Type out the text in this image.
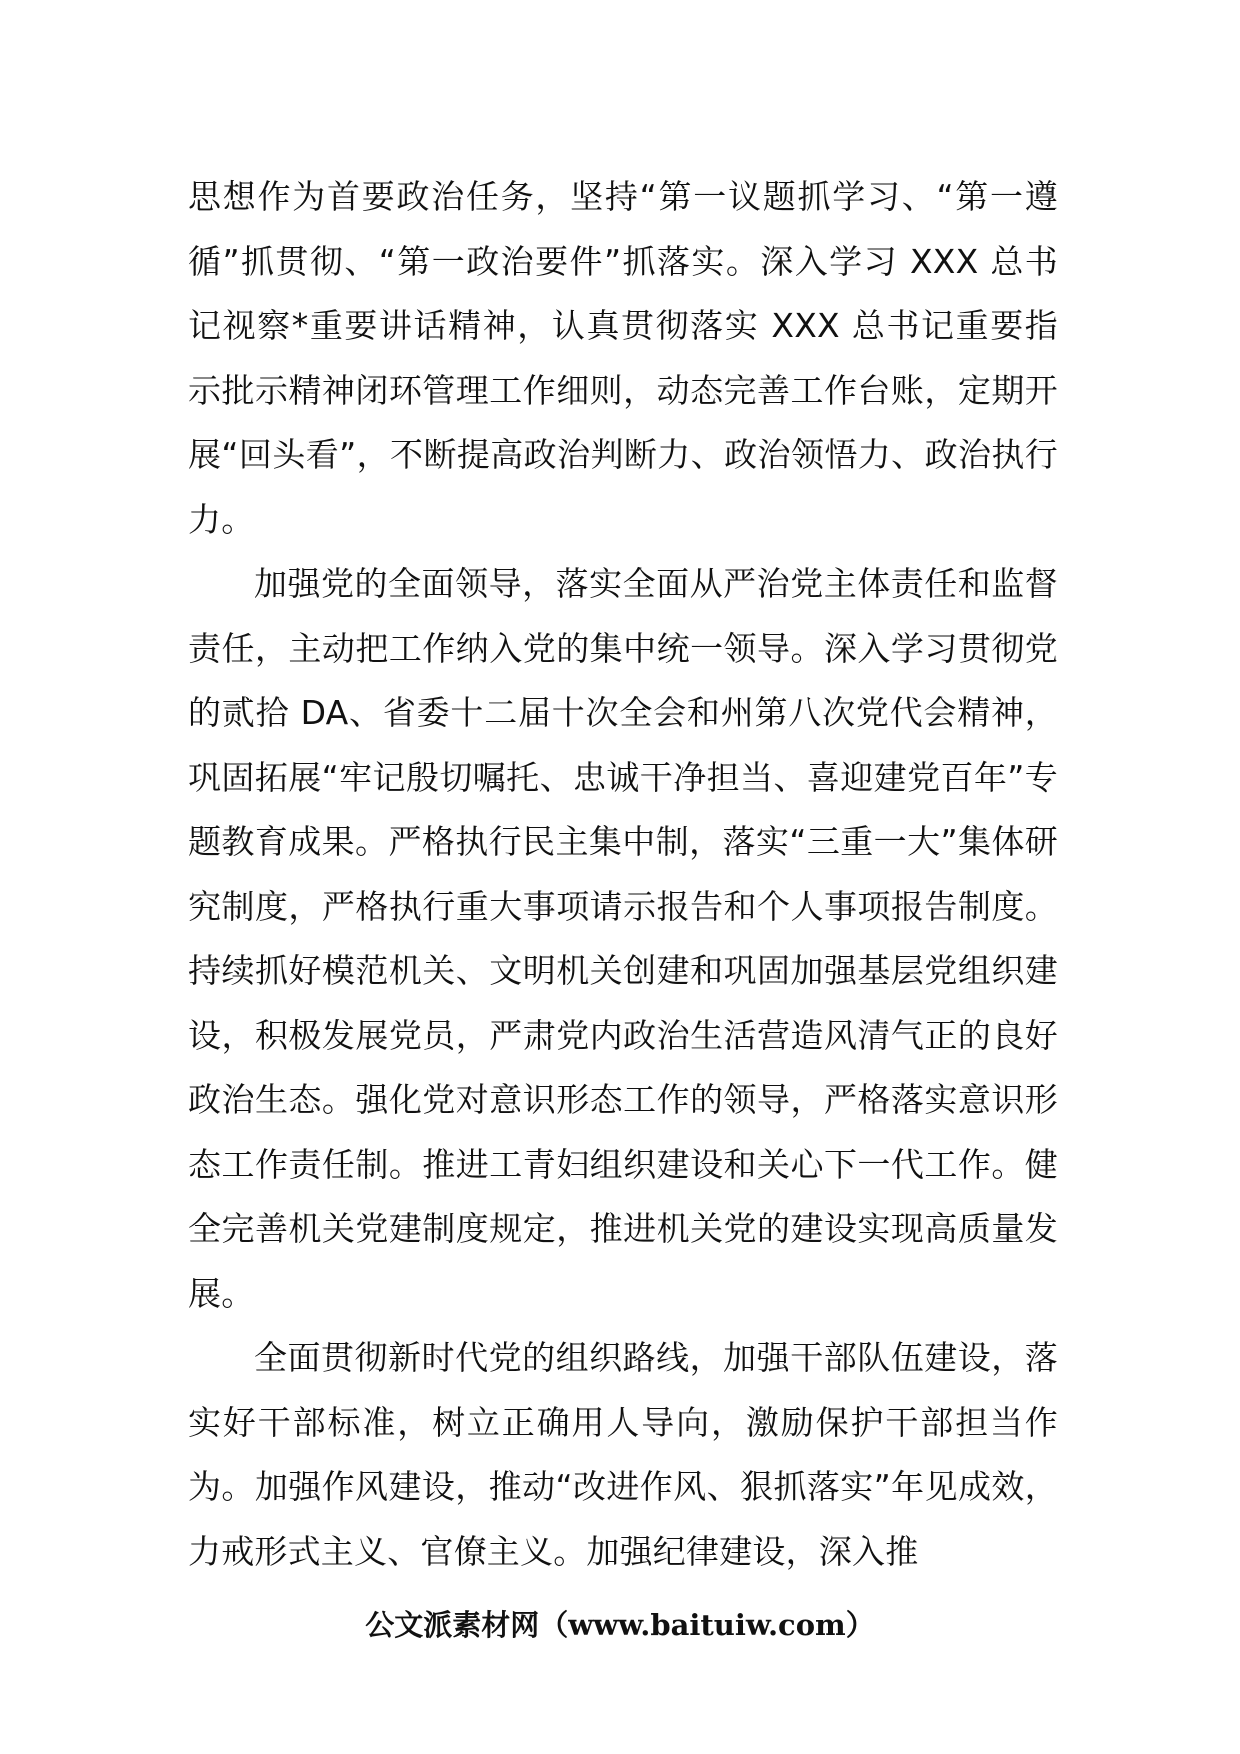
思想作为首要政治任务，坚持“第一议题抓学习、“第一遵循”抓贯彻、“第一政治要件”抓落实。深入学习 XXX 总书记视察*重要讲话精神，认真贯彻落实 XXX 总书记重要指示批示精神闭环管理工作细则，动态完善工作台账，定期开展“回头看”，不断提高政治判断力、政治领悟力、政治执行力。

加强党的全面领导，落实全面从严治党主体责任和监督责任，主动把工作纳入党的集中统一领导。深入学习贯彻党的贰拾 DA、省委十二届十次全会和州第八次党代会精神，巩固拓展“牢记殷切嘱托、忠诚干净担当、喜迎建党百年”专题教育成果。严格执行民主集中制，落实“三重一大”集体研究制度，严格执行重大事项请示报告和个人事项报告制度。持续抓好模范机关、文明机关创建和巩固加强基层党组织建设，积极发展党员，严肃党内政治生活营造风清气正的良好政治生态。强化党对意识形态工作的领导，严格落实意识形态工作责任制。推进工青妇组织建设和关心下一代工作。健全完善机关党建制度规定，推进机关党的建设实现高质量发展。

全面贯彻新时代党的组织路线，加强干部队伍建设，落实好干部标准，树立正确用人导向，激励保护干部担当作为。加强作风建设，推动“改进作风、狠抓落实”年见成效，力戒形式主义、官僚主义。加强纪律建设，深入推

公文派素材网（www.baituiw.com）
